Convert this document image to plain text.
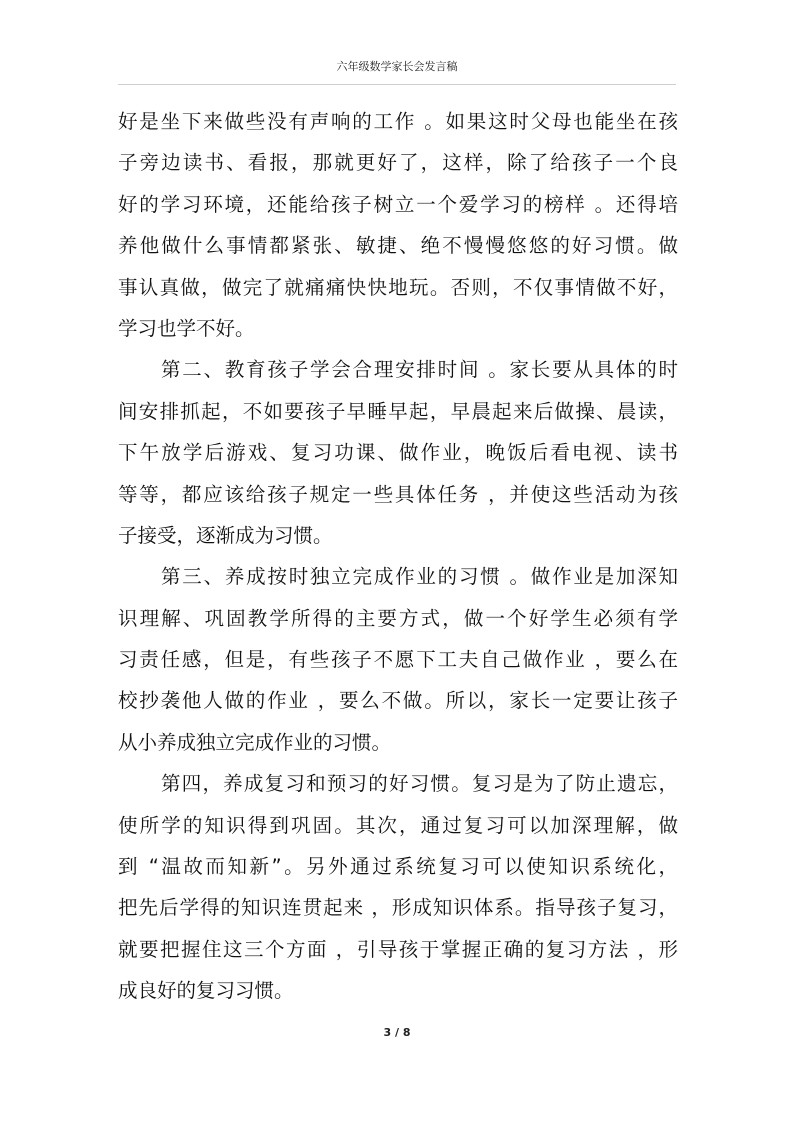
六年级数学家长会发言稿
好是坐下来做些没有声响的工作 。如果这时父母也能坐在孩
子旁边读书、看报，那就更好了，这样，除了给孩子一个良
好的学习环境，还能给孩子树立一个爱学习的榜样 。还得培
养他做什么事情都紧张、敏捷、绝不慢慢悠悠的好习惯。做
事认真做，做完了就痛痛快快地玩。否则，不仅事情做不好，
学习也学不好。
第二、教育孩子学会合理安排时间 。家长要从具体的时
间安排抓起，不如要孩子早睡早起，早晨起来后做操、晨读，
下午放学后游戏、复习功课、做作业，晚饭后看电视、读书
等等，都应该给孩子规定一些具体任务 ，并使这些活动为孩
子接受，逐渐成为习惯。
第三、养成按时独立完成作业的习惯 。做作业是加深知
识理解、巩固教学所得的主要方式，做一个好学生必须有学
习责任感，但是，有些孩子不愿下工夫自己做作业 ，要么在
校抄袭他人做的作业 ，要么不做。所以，家长一定要让孩子
从小养成独立完成作业的习惯。
第四，养成复习和预习的好习惯。复习是为了防止遗忘，
使所学的知识得到巩固。其次，通过复习可以加深理解，做
到 “温故而知新”。另外通过系统复习可以使知识系统化，
把先后学得的知识连贯起来 ，形成知识体系。指导孩子复习，
就要把握住这三个方面 ，引导孩于掌握正确的复习方法 ，形
成良好的复习习惯。
3 / 8
